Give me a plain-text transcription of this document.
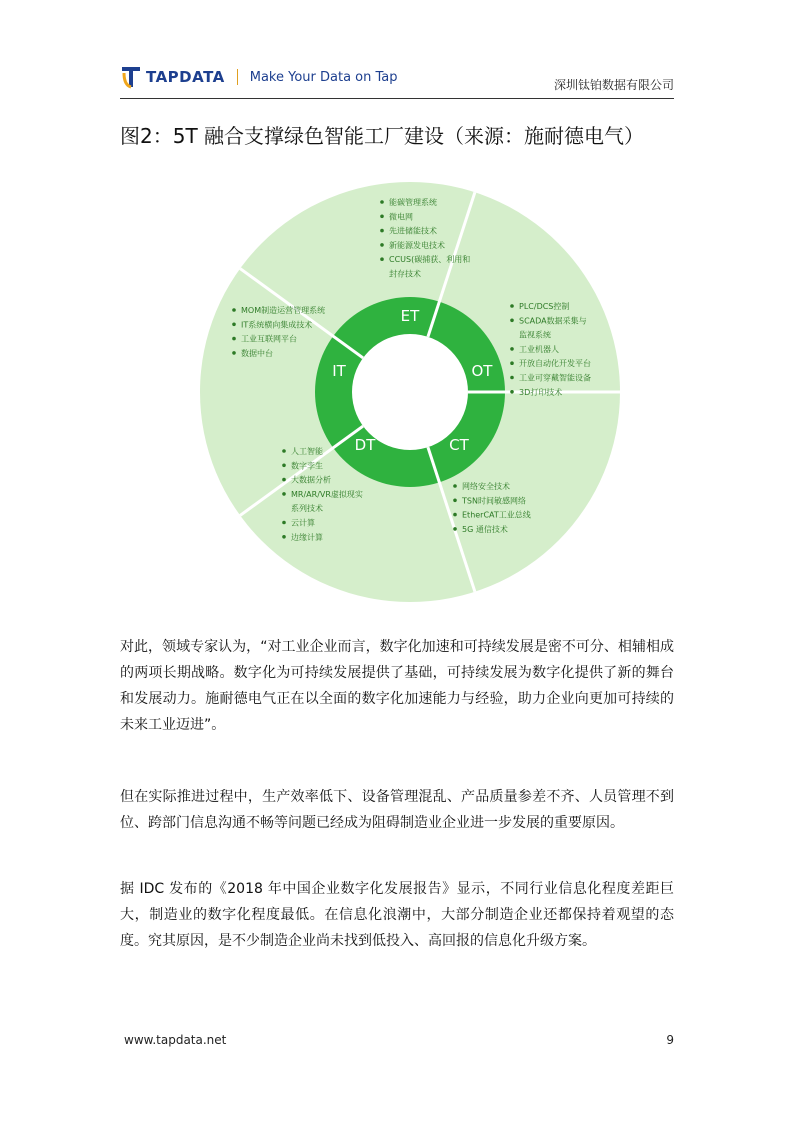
TAPDATA Make Your Data on Tap
深圳钛铂数据有限公司
图2：5T 融合支撑绿色智能工厂建设（来源：施耐德电气）
ET
能碳管理系统
微电网
先进储能技术
新能源发电技术
CCUS(碳捕获、利用和
封存技术
OT
PLC/DCS控制
SCADA数据采集与
监视系统
工业机器人
开放自动化开发平台
工业可穿戴智能设备
3D打印技术
CT
网络安全技术
TSN时间敏感网络
EtherCAT工业总线
5G 通信技术
DT
人工智能
数字孪生
大数据分析
MR/AR/VR虚拟现实
系列技术
云计算
边缘计算
IT
MOM制造运营管理系统
IT系统横向集成技术
工业互联网平台
数据中台

对此，领域专家认为，“对工业企业而言，数字化加速和可持续发展是密不可分、相辅相成的两项长期战略。数字化为可持续发展提供了基础，可持续发展为数字化提供了新的舞台和发展动力。施耐德电气正在以全面的数字化加速能力与经验，助力企业向更加可持续的未来工业迈进”。

但在实际推进过程中，生产效率低下、设备管理混乱、产品质量参差不齐、人员管理不到位、跨部门信息沟通不畅等问题已经成为阻碍制造业企业进一步发展的重要原因。

据 IDC 发布的《2018 年中国企业数字化发展报告》显示，不同行业信息化程度差距巨大，制造业的数字化程度最低。在信息化浪潮中，大部分制造企业还都保持着观望的态度。究其原因，是不少制造企业尚未找到低投入、高回报的信息化升级方案。

www.tapdata.net	9
